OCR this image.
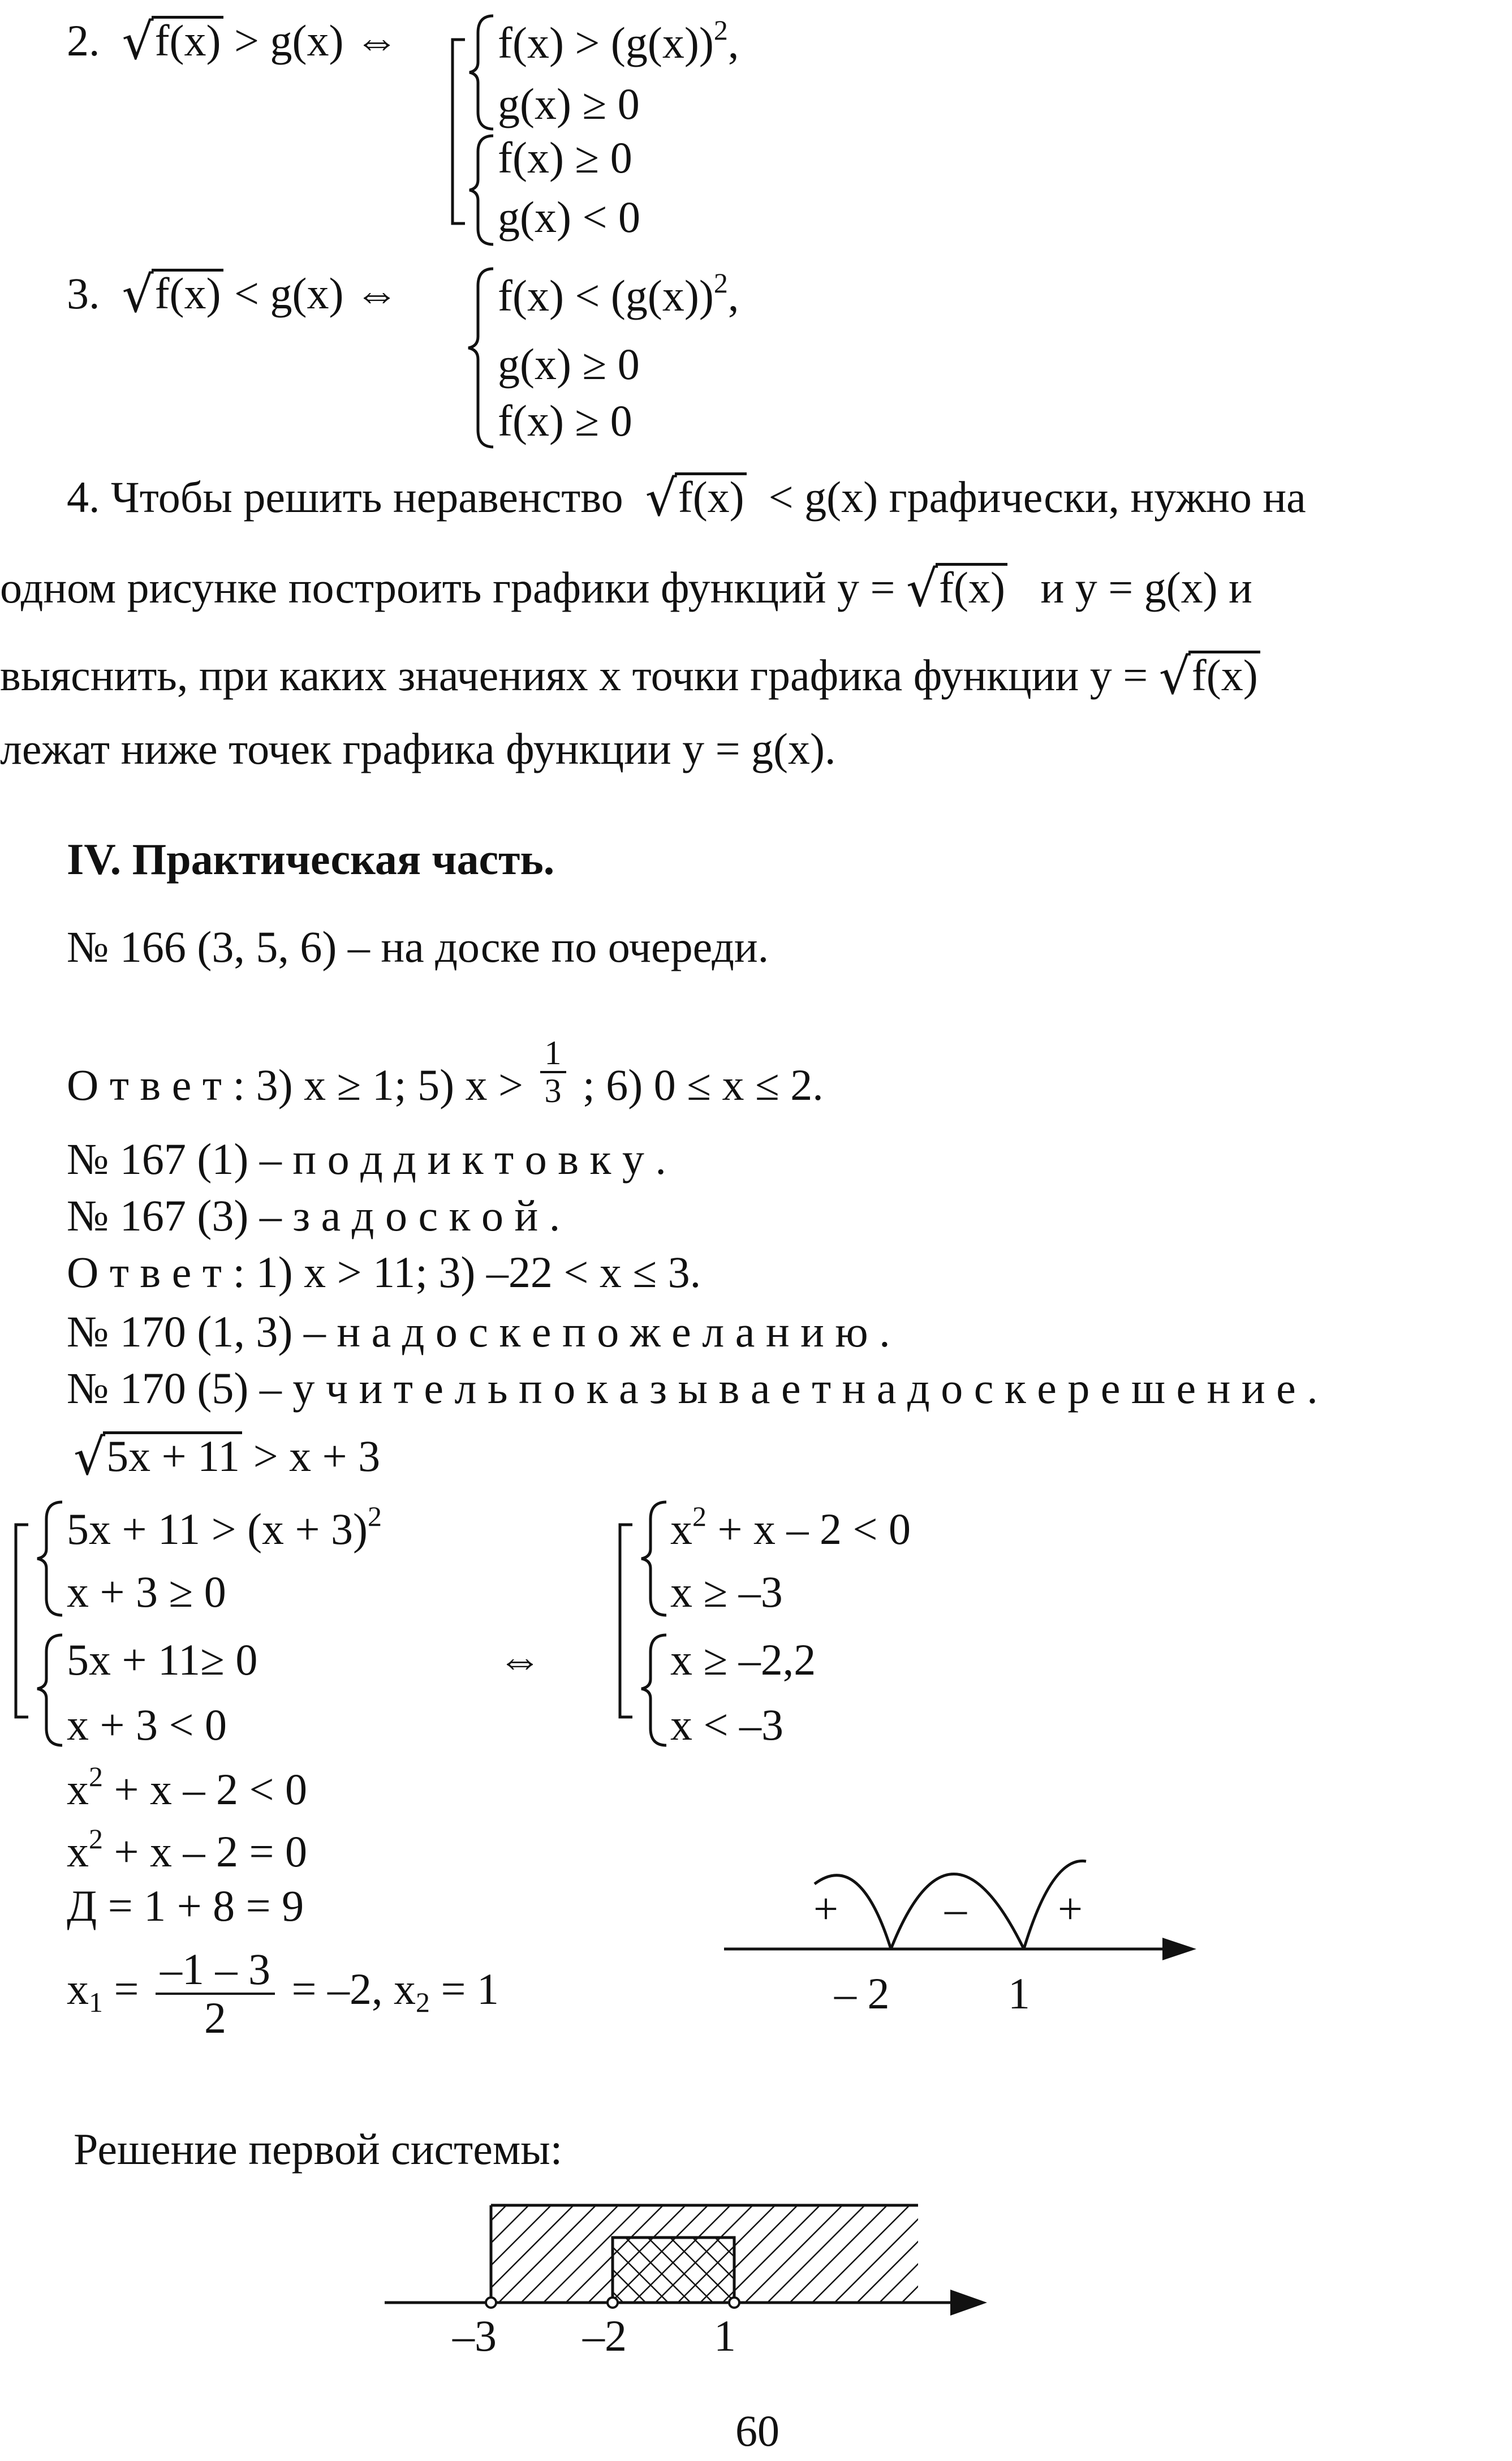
2. √f(x) > g(x) ⇔ $f(x) > (g(x))^2$,
g(x) ≥ 0
f(x) ≥ 0
g(x) < 0
3. √f(x) < g(x) ⇔ $f(x) < (g(x))^2$,
g(x) ≥ 0
f(x) ≥ 0
4. Чтобы решить неравенство √f(x) < g(x) графически, нужно на
одном рисунке построить графики функций y = √f(x) и y = g(x) и
выяснить, при каких значениях x точки графика функции y = √f(x)
лежат ниже точек графика функции y = g(x).
IV. Практическая часть.
№ 166 (3, 5, 6) – на доске по очереди.
О т в е т : 3) x ≥ 1; 5) $x > \frac{1}{3}$ ; 6) 0 ≤ x ≤ 2.
№ 167 (1) – п о д д и к т о в к у .
№ 167 (3) – з а д о с к о й .
О т в е т : 1) x > 11; 3) –22 < x ≤ 3.
№ 170 (1, 3) – н а д о с к е п о ж е л а н и ю .
№ 170 (5) – у ч и т е л ь п о к а з ы в а е т н а д о с к е р е ш е н и е .
√5x + 11 > x + 3
$5x + 11 > (x + 3)^2$
x + 3 ≥ 0
5x + 11≥ 0
x + 3 < 0
⇔
$x^2 + x - 2 < 0$
x ≥ –3
x ≥ –2,2
x < –3
$x^2 + x - 2 < 0$
$x^2 + x - 2 = 0$
Д = 1 + 8 = 9
$x_1 = \frac{-1 - 3}{2} = -2$, $x_2 = 1$
+ – +
– 2	1
Решение первой системы:
–3 –2 1
60
